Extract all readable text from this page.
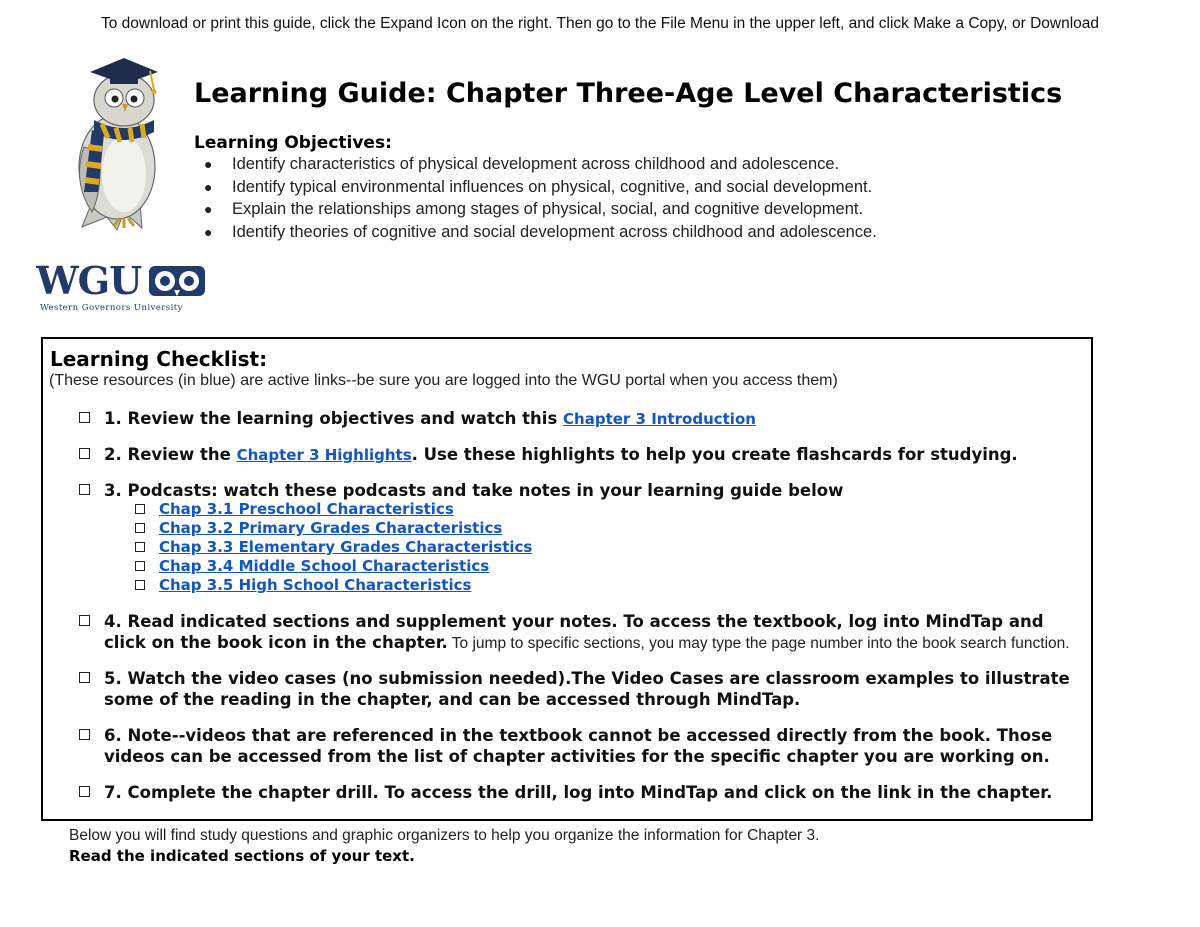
To download or print this guide, click the Expand Icon on the right. Then go to the File Menu in the upper left, and click Make a Copy, or Download
WGU
Western Governors University
Learning Guide: Chapter Three-Age Level Characteristics
Learning Objectives:
● Identify characteristics of physical development across childhood and adolescence.
● Identify typical environmental influences on physical, cognitive, and social development.
● Explain the relationships among stages of physical, social, and cognitive development.
● Identify theories of cognitive and social development across childhood and adolescence.
Learning Checklist:
(These resources (in blue) are active links--be sure you are logged into the WGU portal when you access them)
1. Review the learning objectives and watch this Chapter 3 Introduction
2. Review the Chapter 3 Highlights. Use these highlights to help you create flashcards for studying.
3. Podcasts: watch these podcasts and take notes in your learning guide below
Chap 3.1 Preschool Characteristics
Chap 3.2 Primary Grades Characteristics
Chap 3.3 Elementary Grades Characteristics
Chap 3.4 Middle School Characteristics
Chap 3.5 High School Characteristics
4. Read indicated sections and supplement your notes. To access the textbook, log into MindTap and click on the book icon in the chapter. To jump to specific sections, you may type the page number into the book search function.
5. Watch the video cases (no submission needed).The Video Cases are classroom examples to illustrate some of the reading in the chapter, and can be accessed through MindTap.
6. Note--videos that are referenced in the textbook cannot be accessed directly from the book. Those videos can be accessed from the list of chapter activities for the specific chapter you are working on.
7. Complete the chapter drill. To access the drill, log into MindTap and click on the link in the chapter.
Below you will find study questions and graphic organizers to help you organize the information for Chapter 3.
Read the indicated sections of your text.
